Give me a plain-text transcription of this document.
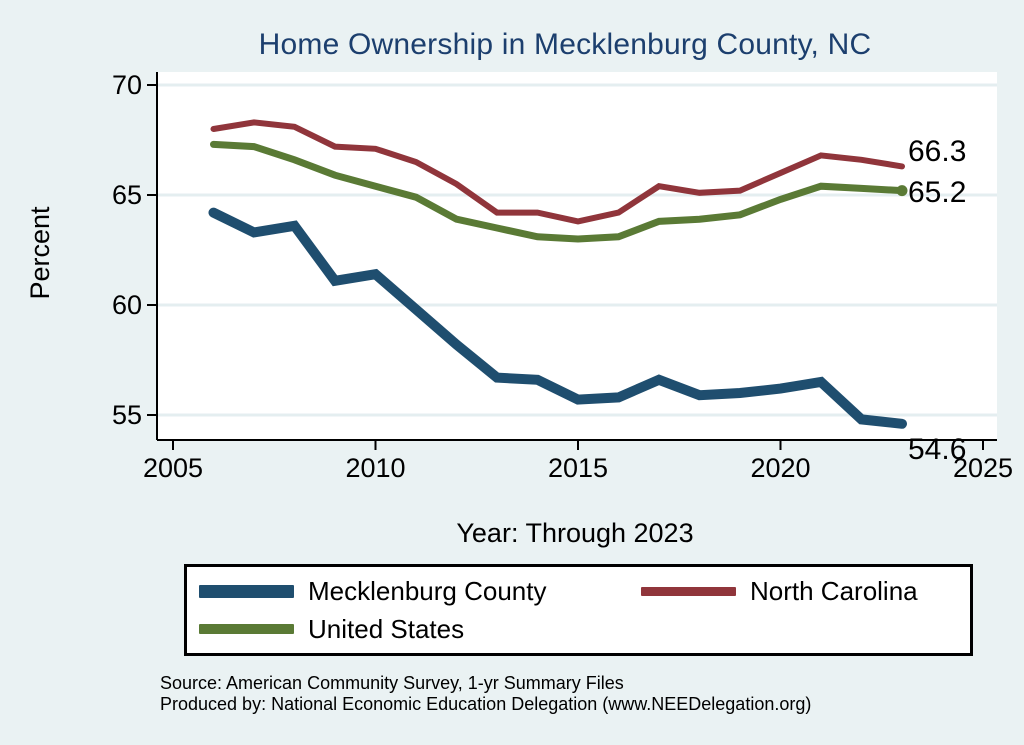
Home Ownership in Mecklenburg County, NC
Percent
55
60
65
70
2005	2010	2015	2020	2025
54.6
66.3
65.2
Year: Through 2023
Mecklenburg County	North Carolina
United States
Source: American Community Survey, 1-yr Summary Files
Produced by: National Economic Education Delegation (www.NEEDelegation.org)
